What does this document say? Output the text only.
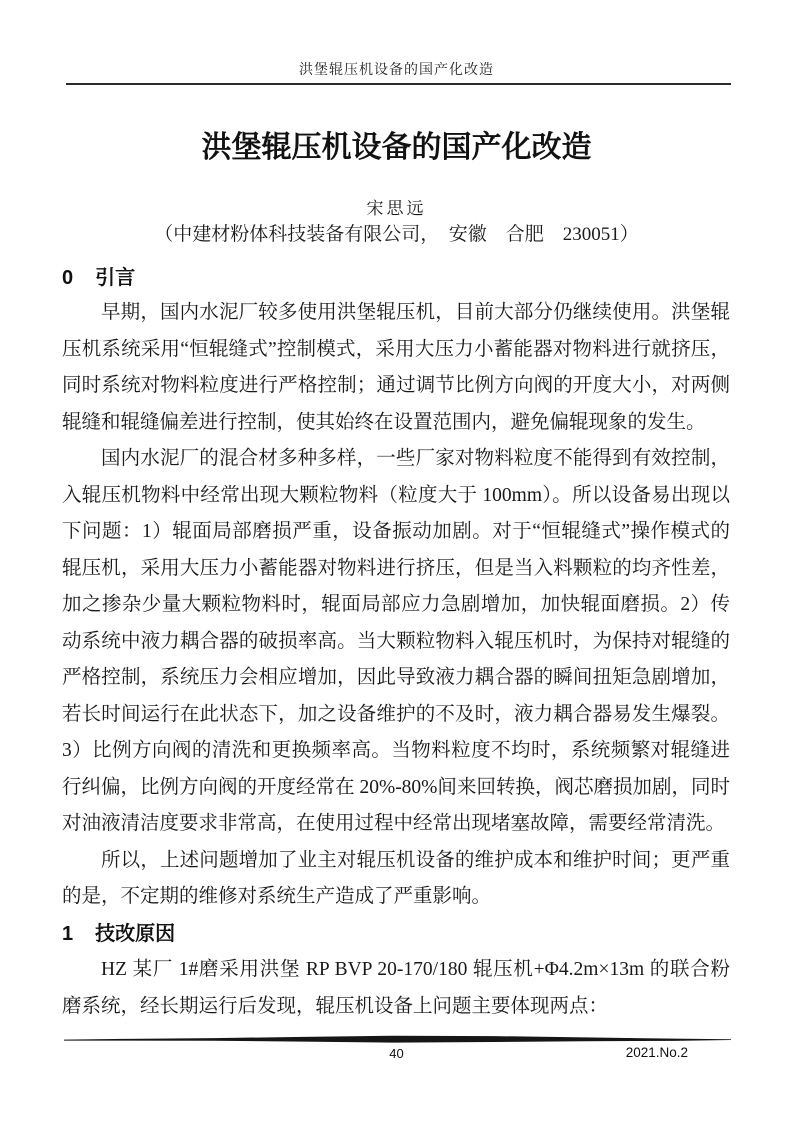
洪堡辊压机设备的国产化改造
洪堡辊压机设备的国产化改造
宋思远
（中建材粉体科技装备有限公司，　安徽　合肥　230051）
0 引言

早期，国内水泥厂较多使用洪堡辊压机，目前大部分仍继续使用。洪堡辊压机系统采用“恒辊缝式”控制模式，采用大压力小蓄能器对物料进行就挤压，同时系统对物料粒度进行严格控制；通过调节比例方向阀的开度大小，对两侧辊缝和辊缝偏差进行控制，使其始终在设置范围内，避免偏辊现象的发生。

国内水泥厂的混合材多种多样，一些厂家对物料粒度不能得到有效控制，入辊压机物料中经常出现大颗粒物料（粒度大于 100mm）。所以设备易出现以下问题：1）辊面局部磨损严重，设备振动加剧。对于“恒辊缝式”操作模式的辊压机，采用大压力小蓄能器对物料进行挤压，但是当入料颗粒的均齐性差，加之掺杂少量大颗粒物料时，辊面局部应力急剧增加，加快辊面磨损。2）传动系统中液力耦合器的破损率高。当大颗粒物料入辊压机时，为保持对辊缝的严格控制，系统压力会相应增加，因此导致液力耦合器的瞬间扭矩急剧增加，若长时间运行在此状态下，加之设备维护的不及时，液力耦合器易发生爆裂。3）比例方向阀的清洗和更换频率高。当物料粒度不均时，系统频繁对辊缝进行纠偏，比例方向阀的开度经常在 20%-80%间来回转换，阀芯磨损加剧，同时对油液清洁度要求非常高，在使用过程中经常出现堵塞故障，需要经常清洗。

所以，上述问题增加了业主对辊压机设备的维护成本和维护时间；更严重的是，不定期的维修对系统生产造成了严重影响。

1 技改原因

HZ 某厂 1#磨采用洪堡 RP BVP 20-170/180 辊压机+Φ4.2m×13m 的联合粉磨系统，经长期运行后发现，辊压机设备上问题主要体现两点：

40	2021.No.2
